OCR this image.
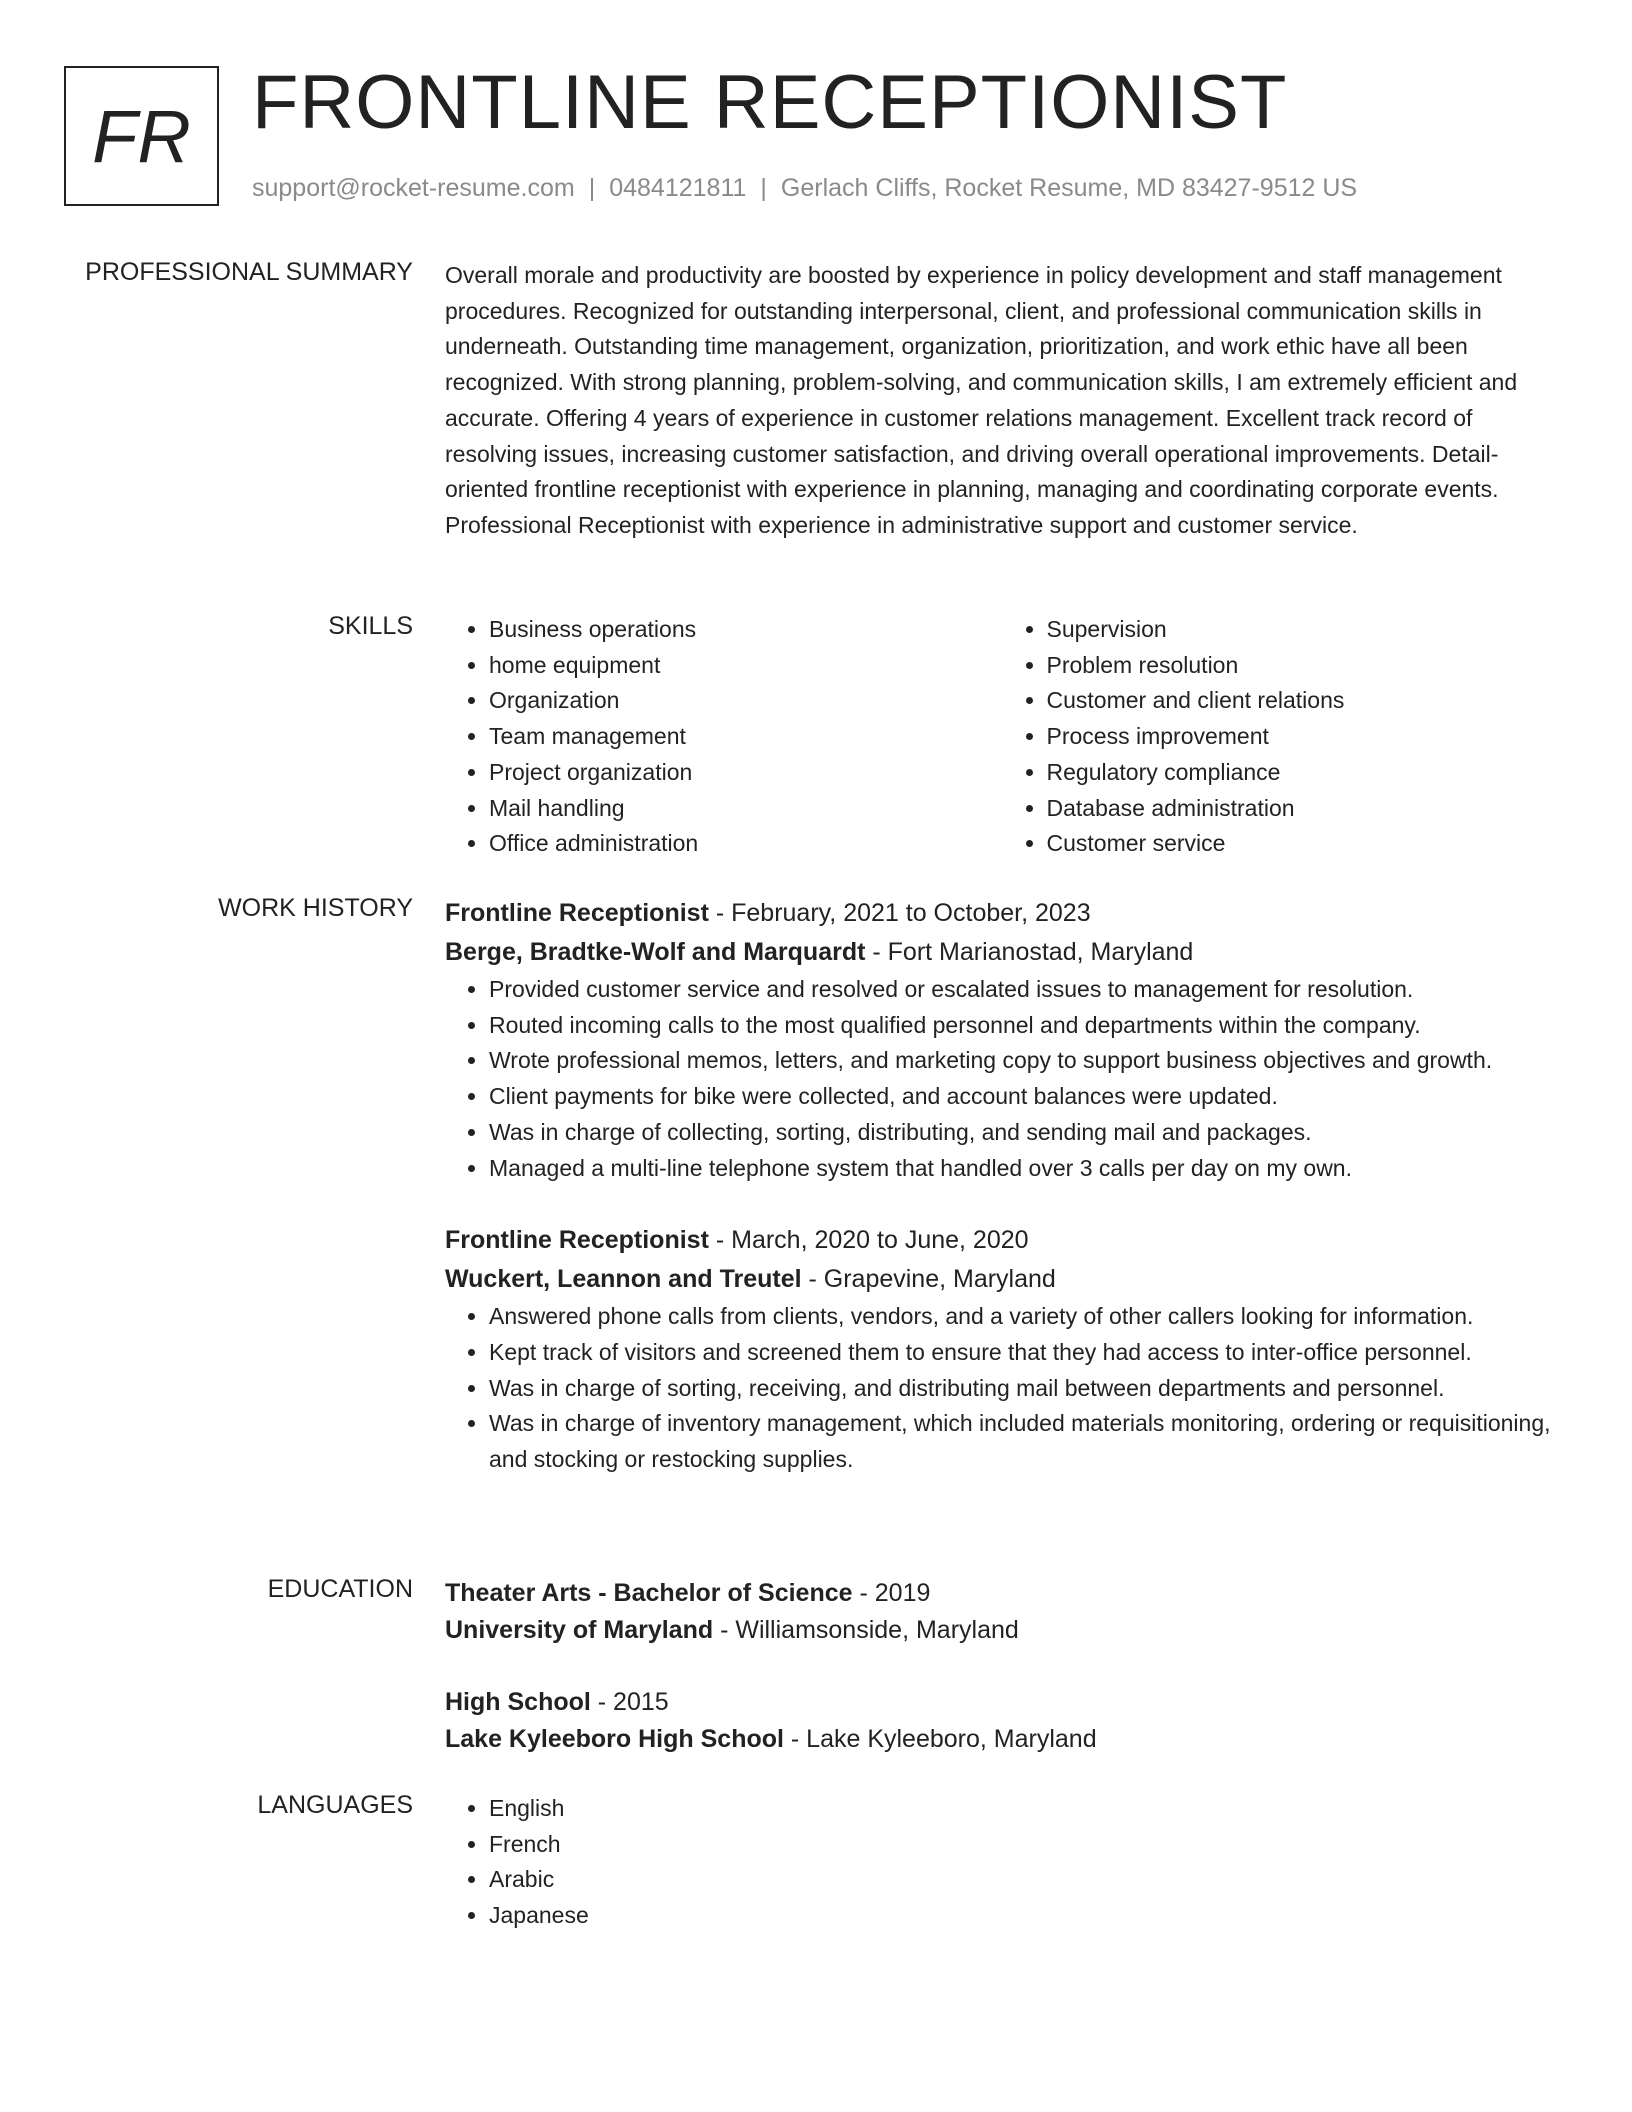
FR FRONTLINE RECEPTIONIST
support@rocket-resume.com | 0484121811 | Gerlach Cliffs, Rocket Resume, MD 83427-9512 US
PROFESSIONAL SUMMARY Overall morale and productivity are boosted by experience in policy development and staff management procedures. Recognized for outstanding interpersonal, client, and professional communication skills in underneath. Outstanding time management, organization, prioritization, and work ethic have all been recognized. With strong planning, problem-solving, and communication skills, I am extremely efficient and accurate. Offering 4 years of experience in customer relations management. Excellent track record of resolving issues, increasing customer satisfaction, and driving overall operational improvements. Detail-oriented frontline receptionist with experience in planning, managing and coordinating corporate events. Professional Receptionist with experience in administrative support and customer service.

SKILLS	• Business operations
• home equipment
• Organization
• Team management
• Project organization
• Mail handling
• Office administration
• Supervision
• Problem resolution
• Customer and client relations
• Process improvement
• Regulatory compliance
• Database administration
• Customer service
WORK HISTORY Frontline Receptionist - February, 2021 to October, 2023
Berge, Bradtke-Wolf and Marquardt - Fort Marianostad, Maryland
• Provided customer service and resolved or escalated issues to management for resolution.
• Routed incoming calls to the most qualified personnel and departments within the company.
• Wrote professional memos, letters, and marketing copy to support business objectives and growth.
• Client payments for bike were collected, and account balances were updated.
• Was in charge of collecting, sorting, distributing, and sending mail and packages.
• Managed a multi-line telephone system that handled over 3 calls per day on my own.
Frontline Receptionist - March, 2020 to June, 2020
Wuckert, Leannon and Treutel - Grapevine, Maryland
• Answered phone calls from clients, vendors, and a variety of other callers looking for information.
• Kept track of visitors and screened them to ensure that they had access to inter-office personnel.
• Was in charge of sorting, receiving, and distributing mail between departments and personnel.
• Was in charge of inventory management, which included materials monitoring, ordering or requisitioning, and stocking or restocking supplies.
EDUCATION Theater Arts - Bachelor of Science - 2019
University of Maryland - Williamsonside, Maryland
High School - 2015
Lake Kyleeboro High School - Lake Kyleeboro, Maryland
LANGUAGES	• English
• French
• Arabic
• Japanese
